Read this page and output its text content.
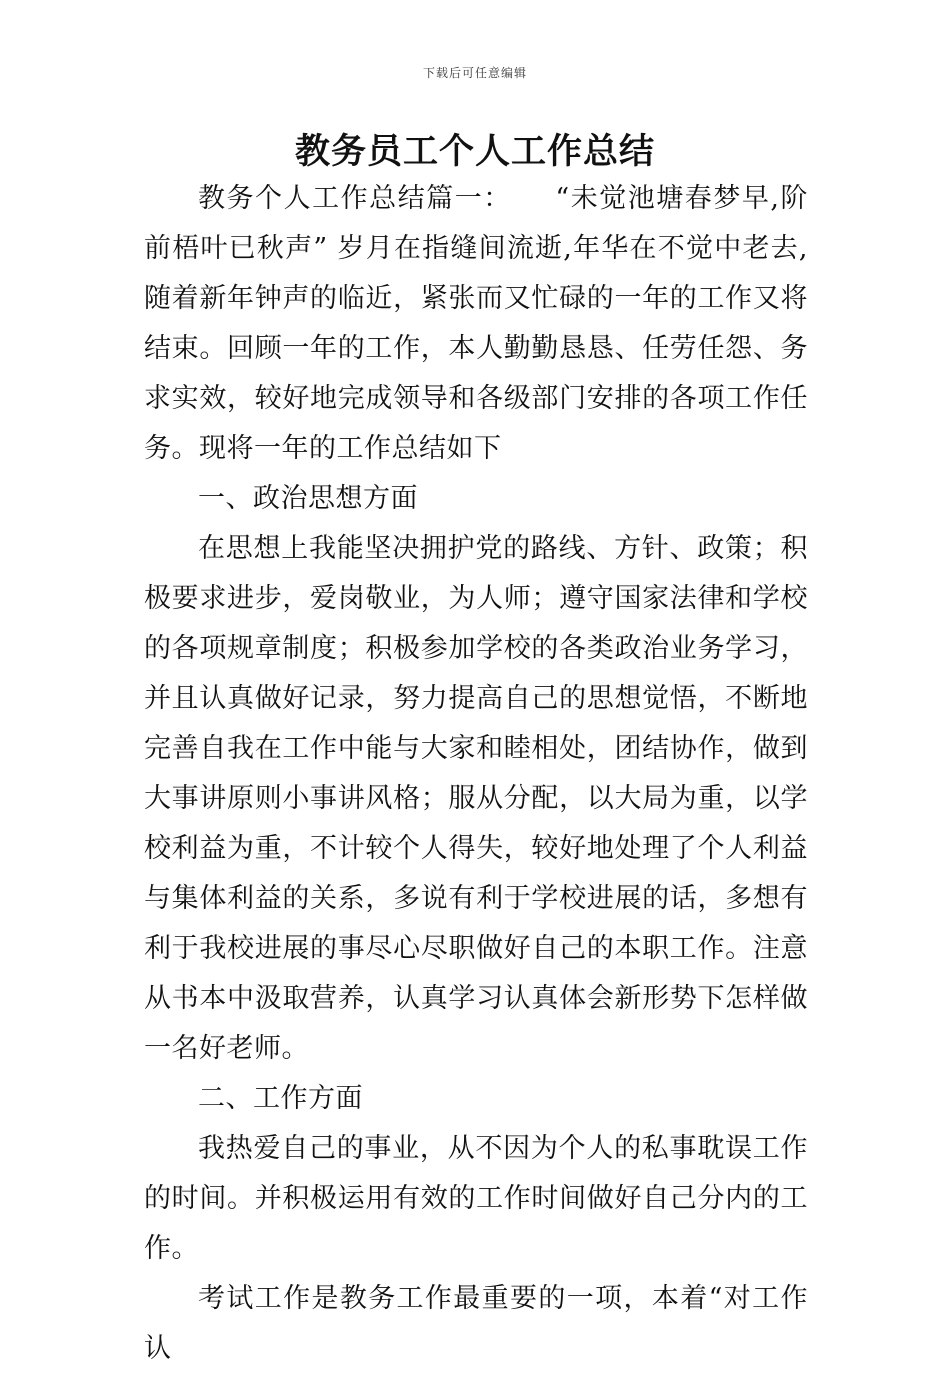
下载后可任意编辑
教务员工个人工作总结

教务个人工作总结篇一：　　“未觉池塘春梦早,阶前梧叶已秋声” 岁月在指缝间流逝,年华在不觉中老去,随着新年钟声的临近，紧张而又忙碌的一年的工作又将结束。回顾一年的工作，本人勤勤恳恳、任劳任怨、务求实效，较好地完成领导和各级部门安排的各项工作任务。现将一年的工作总结如下

一、政治思想方面

在思想上我能坚决拥护党的路线、方针、政策；积极要求进步，爱岗敬业，为人师；遵守国家法律和学校的各项规章制度；积极参加学校的各类政治业务学习，并且认真做好记录，努力提高自己的思想觉悟，不断地完善自我在工作中能与大家和睦相处，团结协作，做到大事讲原则小事讲风格；服从分配，以大局为重，以学校利益为重，不计较个人得失，较好地处理了个人利益与集体利益的关系，多说有利于学校进展的话，多想有利于我校进展的事尽心尽职做好自己的本职工作。注意从书本中汲取营养，认真学习认真体会新形势下怎样做一名好老师。

二、工作方面

我热爱自己的事业，从不因为个人的私事耽误工作的时间。并积极运用有效的工作时间做好自己分内的工作。

考试工作是教务工作最重要的一项，本着“对工作认
